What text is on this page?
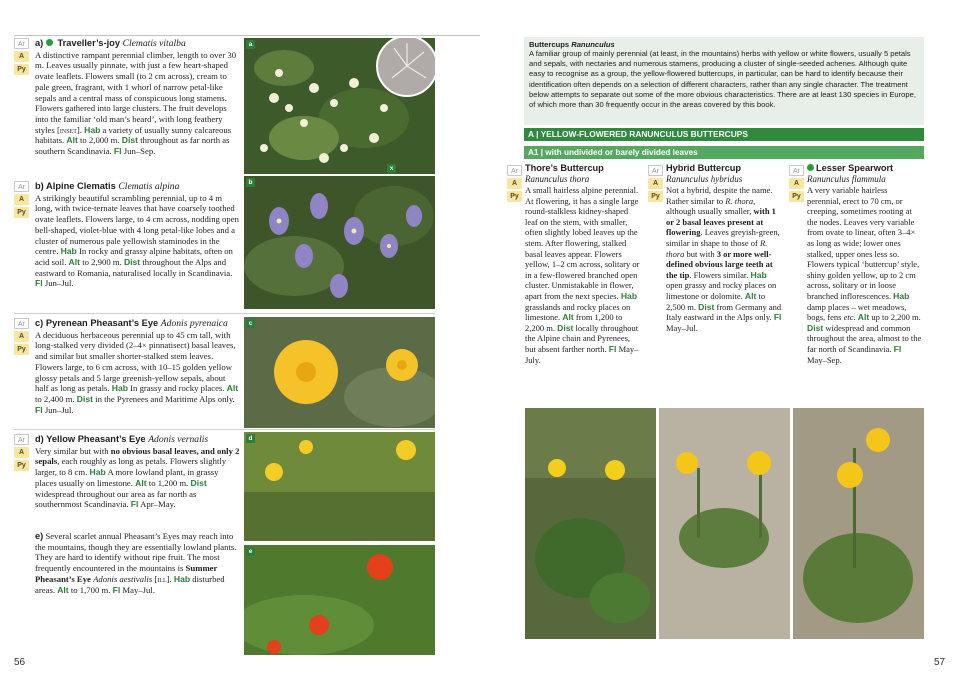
Ar
A
Py
a) Traveller’s-joy Clematis vitalba
A distinctive rampant perennial climber, length to over 30 m. Leaves usually pinnate, with just a few heart-shaped ovate leaflets. Flowers small (to 2 cm across), cream to pale green, fragrant, with 1 whorl of narrow petal-like sepals and a central mass of conspicuous long stamens. Flowers gathered into large clusters. The fruit develops into the familiar ‘old man’s beard’, with long feathery styles [inset]. Hab a variety of usually sunny calcareous habitats. Alt to 2,000 m. Dist throughout as far north as southern Scandinavia. Fl Jun–Sep.
Ar
A
Py
b) Alpine Clematis Clematis alpina
A strikingly beautiful scrambling perennial, up to 4 m long, with twice-ternate leaves that have coarsely toothed ovate leaflets. Flowers large, to 4 cm across, nodding open bell-shaped, violet-blue with 4 long petal-like lobes and a cluster of numerous pale yellowish staminodes in the centre. Hab In rocky and grassy alpine habitats, often on acid soil. Alt to 2,900 m. Dist throughout the Alps and eastward to Romania, naturalised locally in Scandinavia. Fl Jun–Jul.
Ar
A
Py
c) Pyrenean Pheasant’s Eye Adonis pyrenaica
A deciduous herbaceous perennial up to 45 cm tall, with long-stalked very divided (2–4× pinnatisect) basal leaves, and similar but smaller shorter-stalked stem leaves. Flowers large, to 6 cm across, with 10–15 golden yellow glossy petals and 5 large greenish-yellow sepals, about half as long as petals. Hab In grassy and rocky places. Alt to 2,400 m. Dist in the Pyrenees and Maritime Alps only. Fl Jun–Jul.
Ar
A
Py
d) Yellow Pheasant’s Eye Adonis vernalis
Very similar but with no obvious basal leaves, and only 2 sepals, each roughly as long as petals. Flowers slightly larger, to 8 cm. Hab A more lowland plant, in grassy places usually on limestone. Alt to 1,200 m. Dist widespread throughout our area as far north as southernmost Scandinavia. Fl Apr–May.
e) Several scarlet annual Pheasant’s Eyes may reach into the mountains, though they are essentially lowland plants. They are hard to identify without ripe fruit. The most frequently encountered in the mountains is Summer Pheasant’s Eye Adonis aestivalis [ill]. Hab disturbed areas. Alt to 1,700 m. Fl May–Jul.
a
x
b
c
d
e
56
Buttercups Ranunculus
A familiar group of mainly perennial (at least, in the mountains) herbs with yellow or white flowers, usually 5 petals and sepals, with nectaries and numerous stamens, producing a cluster of single-seeded achenes. Although quite easy to recognise as a group, the yellow-flowered buttercups, in particular, can be hard to identify because their identification often depends on a selection of different characters, rather than any single character. The treatment below attempts to separate out some of the more obvious characteristics. There are at least 130 species in Europe, of which more than 30 frequently occur in the areas covered by this book.
A | YELLOW-FLOWERED RANUNCULUS BUTTERCUPS
A1 | with undivided or barely divided leaves
Ar
A
Py
Thore’s Buttercup
Ranunculus thora
A small hairless alpine perennial. At flowering, it has a single large round-stalkless kidney-shaped leaf on the stem, with smaller, often slightly lobed leaves up the stem. After flowering, stalked basal leaves appear. Flowers yellow, 1–2 cm across, solitary or in a few-flowered branched open cluster. Unmistakable in flower, apart from the next species. Hab grasslands and rocky places on limestone. Alt from 1,200 to 2,200 m. Dist locally throughout the Alpine chain and Pyrenees, but absent farther north. Fl May–July.
Ar
A
Py
Hybrid Buttercup
Ranunculus hybridus
Not a hybrid, despite the name. Rather similar to R. thora, although usually smaller, with 1 or 2 basal leaves present at flowering. Leaves greyish-green, similar in shape to those of R. thora but with 3 or more well-defined obvious large teeth at the tip. Flowers similar. Hab open grassy and rocky places on limestone or dolomite. Alt to 2,500 m. Dist from Germany and Italy eastward in the Alps only. Fl May–Jul.
Ar
A
Py
Lesser Spearwort
Ranunculus flammula
A very variable hairless perennial, erect to 70 cm, or creeping, sometimes rooting at the nodes. Leaves very variable from ovate to linear, often 3–4× as long as wide; lower ones stalked, upper ones less so. Flowers typical ‘buttercup’ style, shiny golden yellow, up to 2 cm across, solitary or in loose branched inflorescences. Hab damp places – wet meadows, bogs, fens etc. Alt up to 2,200 m. Dist widespread and common throughout the area, almost to the far north of Scandinavia. Fl May–Sep.
57
